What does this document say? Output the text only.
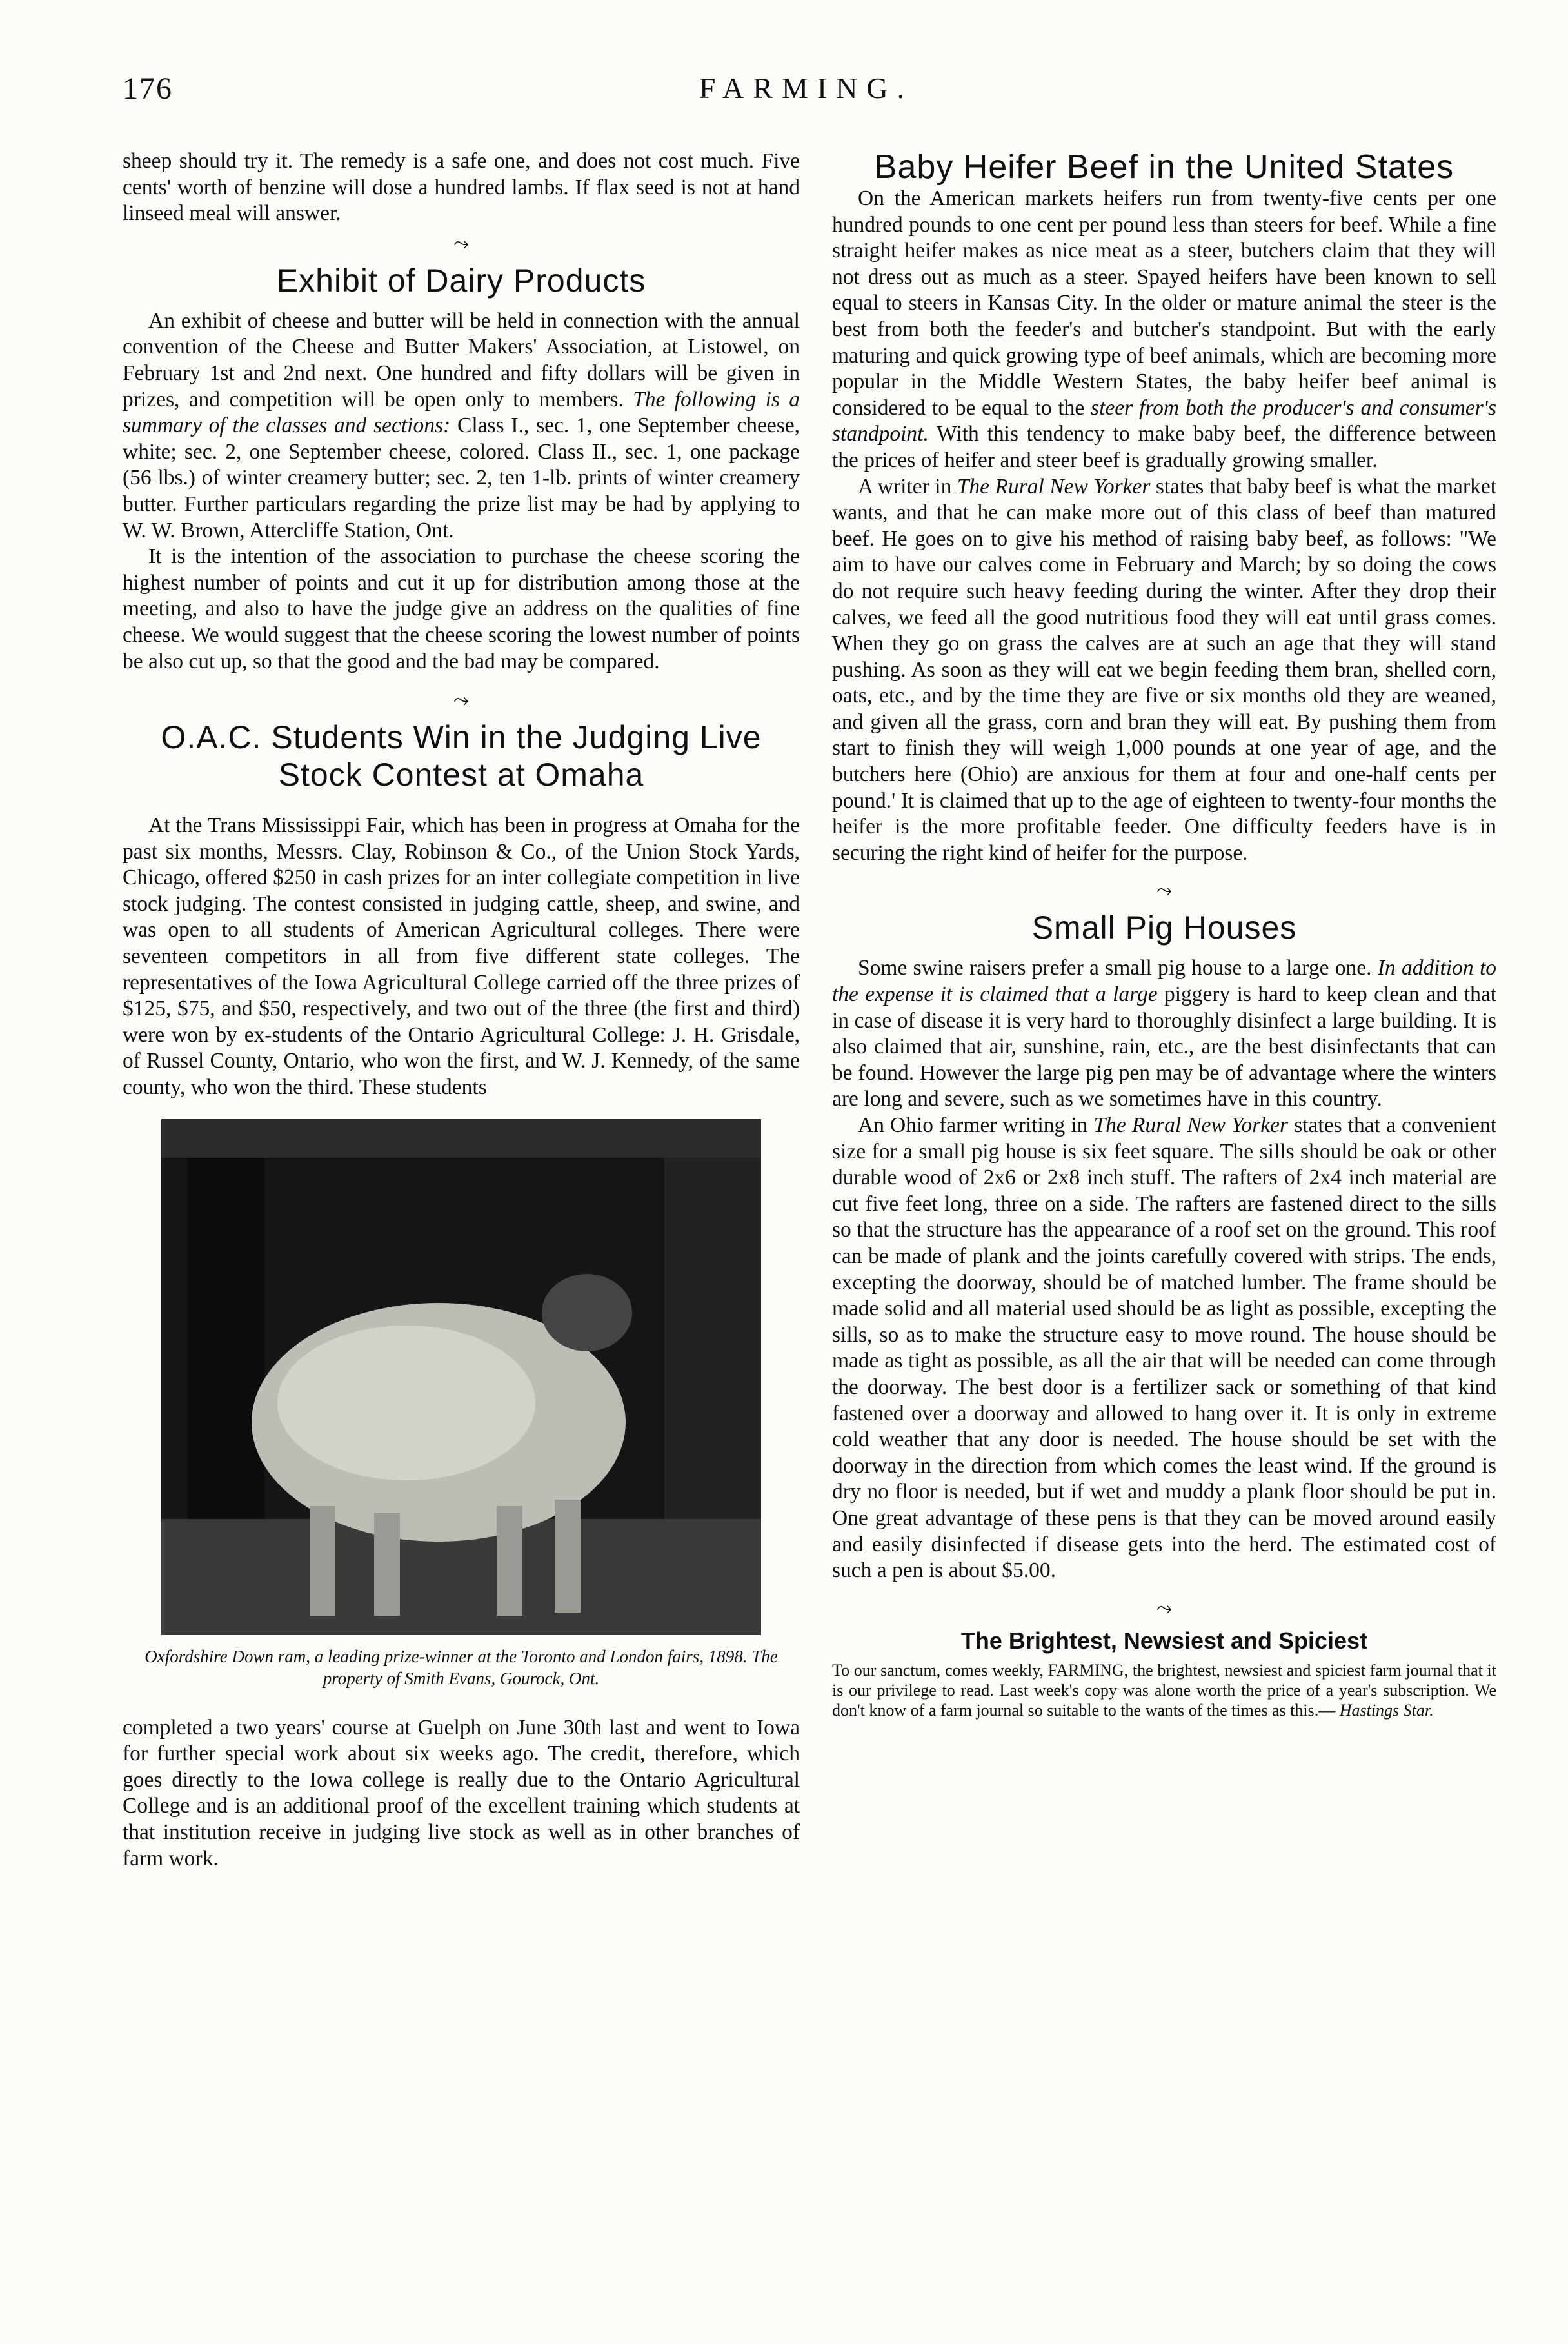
176	FARMING.

sheep should try it. The remedy is a safe one, and does not cost much. Five cents' worth of benzine will dose a hundred lambs. If flax seed is not at hand linseed meal will answer.

⤳
Exhibit of Dairy Products

An exhibit of cheese and butter will be held in connection with the annual convention of the Cheese and Butter Makers' Association, at Listowel, on February 1st and 2nd next. One hundred and fifty dollars will be given in prizes, and competition will be open only to members. The following is a summary of the classes and sections: Class I., sec. 1, one September cheese, white; sec. 2, one September cheese, colored. Class II., sec. 1, one package (56 lbs.) of winter creamery butter; sec. 2, ten 1-lb. prints of winter creamery butter. Further particulars regarding the prize list may be had by applying to W. W. Brown, Attercliffe Station, Ont.

It is the intention of the association to purchase the cheese scoring the highest number of points and cut it up for distribution among those at the meeting, and also to have the judge give an address on the qualities of fine cheese. We would suggest that the cheese scoring the lowest number of points be also cut up, so that the good and the bad may be compared.

⤳
O.A.C. Students Win in the Judging Live Stock Contest at Omaha

At the Trans Mississippi Fair, which has been in progress at Omaha for the past six months, Messrs. Clay, Robinson & Co., of the Union Stock Yards, Chicago, offered $250 in cash prizes for an inter collegiate competition in live stock judging. The contest consisted in judging cattle, sheep, and swine, and was open to all students of American Agricultural colleges. There were seventeen competitors in all from five different state colleges. The representatives of the Iowa Agricultural College carried off the three prizes of $125, $75, and $50, respectively, and two out of the three (the first and third) were won by ex-students of the Ontario Agricultural College: J. H. Grisdale, of Russel County, Ontario, who won the first, and W. J. Kennedy, of the same county, who won the third. These students

Oxfordshire Down ram, a leading prize-winner at the Toronto and London fairs, 1898. The property of Smith Evans, Gourock, Ont.

completed a two years' course at Guelph on June 30th last and went to Iowa for further special work about six weeks ago. The credit, therefore, which goes directly to the Iowa college is really due to the Ontario Agricultural College and is an additional proof of the excellent training which students at that institution receive in judging live stock as well as in other branches of farm work.

Baby Heifer Beef in the United States

On the American markets heifers run from twenty-five cents per one hundred pounds to one cent per pound less than steers for beef. While a fine straight heifer makes as nice meat as a steer, butchers claim that they will not dress out as much as a steer. Spayed heifers have been known to sell equal to steers in Kansas City. In the older or mature animal the steer is the best from both the feeder's and butcher's standpoint. But with the early maturing and quick growing type of beef animals, which are becoming more popular in the Middle Western States, the baby heifer beef animal is considered to be equal to the steer from both the producer's and consumer's standpoint. With this tendency to make baby beef, the difference between the prices of heifer and steer beef is gradually growing smaller.

A writer in The Rural New Yorker states that baby beef is what the market wants, and that he can make more out of this class of beef than matured beef. He goes on to give his method of raising baby beef, as follows: "We aim to have our calves come in February and March; by so doing the cows do not require such heavy feeding during the winter. After they drop their calves, we feed all the good nutritious food they will eat until grass comes. When they go on grass the calves are at such an age that they will stand pushing. As soon as they will eat we begin feeding them bran, shelled corn, oats, etc., and by the time they are five or six months old they are weaned, and given all the grass, corn and bran they will eat. By pushing them from start to finish they will weigh 1,000 pounds at one year of age, and the butchers here (Ohio) are anxious for them at four and one-half cents per pound.' It is claimed that up to the age of eighteen to twenty-four months the heifer is the more profitable feeder. One difficulty feeders have is in securing the right kind of heifer for the purpose.

⤳
Small Pig Houses

Some swine raisers prefer a small pig house to a large one. In addition to the expense it is claimed that a large piggery is hard to keep clean and that in case of disease it is very hard to thoroughly disinfect a large building. It is also claimed that air, sunshine, rain, etc., are the best disinfectants that can be found. However the large pig pen may be of advantage where the winters are long and severe, such as we sometimes have in this country.

An Ohio farmer writing in The Rural New Yorker states that a convenient size for a small pig house is six feet square. The sills should be oak or other durable wood of 2x6 or 2x8 inch stuff. The rafters of 2x4 inch material are cut five feet long, three on a side. The rafters are fastened direct to the sills so that the structure has the appearance of a roof set on the ground. This roof can be made of plank and the joints carefully covered with strips. The ends, excepting the doorway, should be of matched lumber. The frame should be made solid and all material used should be as light as possible, excepting the sills, so as to make the structure easy to move round. The house should be made as tight as possible, as all the air that will be needed can come through the doorway. The best door is a fertilizer sack or something of that kind fastened over a doorway and allowed to hang over it. It is only in extreme cold weather that any door is needed. The house should be set with the doorway in the direction from which comes the least wind. If the ground is dry no floor is needed, but if wet and muddy a plank floor should be put in. One great advantage of these pens is that they can be moved around easily and easily disinfected if disease gets into the herd. The estimated cost of such a pen is about $5.00.

⤳
The Brightest, Newsiest and Spiciest
To our sanctum, comes weekly, FARMING, the brightest, newsiest and spiciest farm journal that it is our privilege to read. Last week's copy was alone worth the price of a year's subscription. We don't know of a farm journal so suitable to the wants of the times as this.— Hastings Star.
